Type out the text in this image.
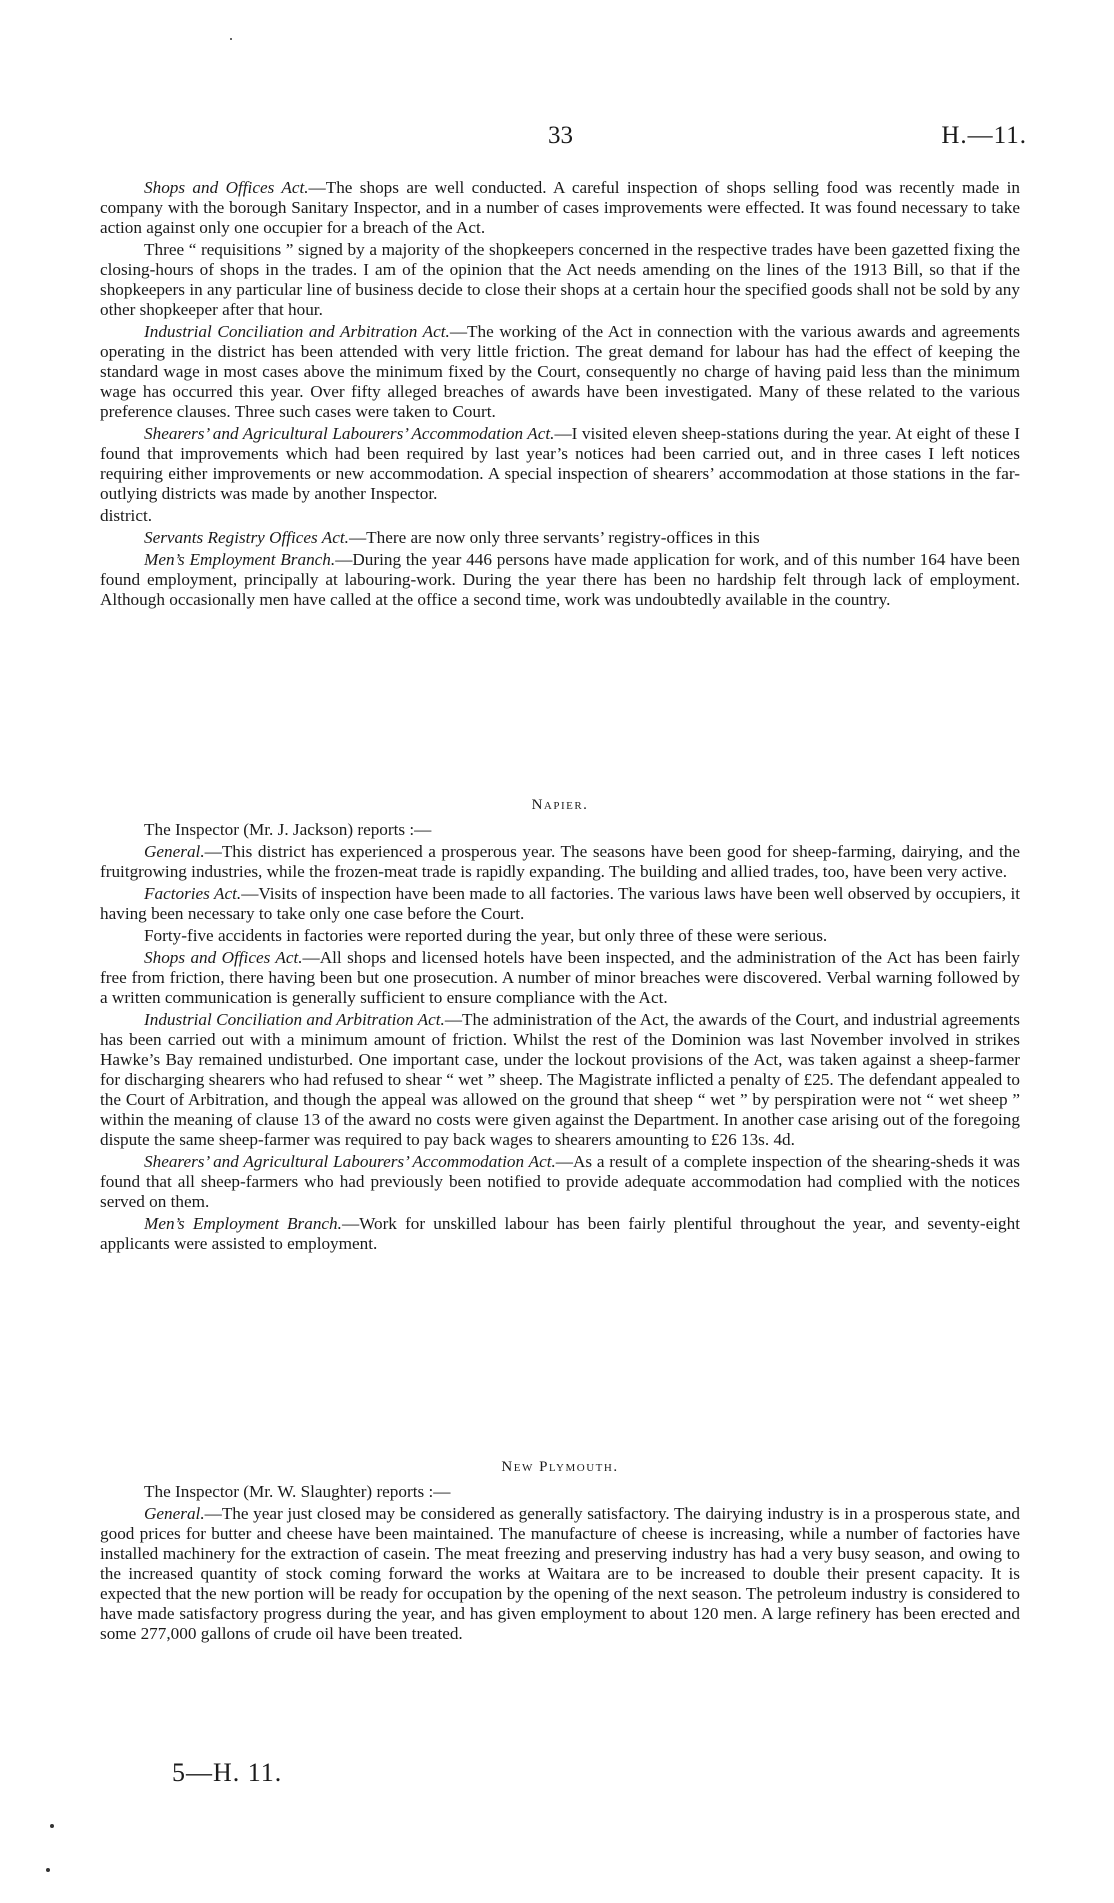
33	H.—11.

Shops and Offices Act.—The shops are well conducted. A careful inspection of shops selling food was recently made in company with the borough Sanitary Inspector, and in a number of cases improvements were effected. It was found necessary to take action against only one occupier for a breach of the Act.

Three “ requisitions ” signed by a majority of the shopkeepers concerned in the respective trades have been gazetted fixing the closing-hours of shops in the trades. I am of the opinion that the Act needs amending on the lines of the 1913 Bill, so that if the shopkeepers in any particular line of business decide to close their shops at a certain hour the specified goods shall not be sold by any other shopkeeper after that hour.

Industrial Conciliation and Arbitration Act.—The working of the Act in connection with the various awards and agreements operating in the district has been attended with very little friction. The great demand for labour has had the effect of keeping the standard wage in most cases above the minimum fixed by the Court, consequently no charge of having paid less than the minimum wage has occurred this year. Over fifty alleged breaches of awards have been investigated. Many of these related to the various preference clauses. Three such cases were taken to Court.

Shearers’ and Agricultural Labourers’ Accommodation Act.—I visited eleven sheep-stations during the year. At eight of these I found that improvements which had been required by last year’s notices had been carried out, and in three cases I left notices requiring either improvements or new accommodation. A special inspection of shearers’ accommodation at those stations in the far-outlying districts was made by another Inspector.

district.

Servants Registry Offices Act.—There are now only three servants’ registry-offices in this

Men’s Employment Branch.—During the year 446 persons have made application for work, and of this number 164 have been found employment, principally at labouring-work. During the year there has been no hardship felt through lack of employment. Although occasionally men have called at the office a second time, work was undoubtedly available in the country.

Napier.

The Inspector (Mr. J. Jackson) reports :—

General.—This district has experienced a prosperous year. The seasons have been good for sheep-farming, dairying, and the fruitgrowing industries, while the frozen-meat trade is rapidly expanding. The building and allied trades, too, have been very active.

Factories Act.—Visits of inspection have been made to all factories. The various laws have been well observed by occupiers, it having been necessary to take only one case before the Court.

Forty-five accidents in factories were reported during the year, but only three of these were serious.

Shops and Offices Act.—All shops and licensed hotels have been inspected, and the administration of the Act has been fairly free from friction, there having been but one prosecution. A number of minor breaches were discovered. Verbal warning followed by a written communication is generally sufficient to ensure compliance with the Act.

Industrial Conciliation and Arbitration Act.—The administration of the Act, the awards of the Court, and industrial agreements has been carried out with a minimum amount of friction. Whilst the rest of the Dominion was last November involved in strikes Hawke’s Bay remained undisturbed. One important case, under the lockout provisions of the Act, was taken against a sheep-farmer for discharging shearers who had refused to shear “ wet ” sheep. The Magistrate inflicted a penalty of £25. The defendant appealed to the Court of Arbitration, and though the appeal was allowed on the ground that sheep “ wet ” by perspiration were not “ wet sheep ” within the meaning of clause 13 of the award no costs were given against the Department. In another case arising out of the foregoing dispute the same sheep-farmer was required to pay back wages to shearers amounting to £26 13s. 4d.

Shearers’ and Agricultural Labourers’ Accommodation Act.—As a result of a complete inspection of the shearing-sheds it was found that all sheep-farmers who had previously been notified to provide adequate accommodation had complied with the notices served on them.

Men’s Employment Branch.—Work for unskilled labour has been fairly plentiful throughout the year, and seventy-eight applicants were assisted to employment.

New Plymouth.

The Inspector (Mr. W. Slaughter) reports :—

General.—The year just closed may be considered as generally satisfactory. The dairying industry is in a prosperous state, and good prices for butter and cheese have been maintained. The manufacture of cheese is increasing, while a number of factories have installed machinery for the extraction of casein. The meat freezing and preserving industry has had a very busy season, and owing to the increased quantity of stock coming forward the works at Waitara are to be increased to double their present capacity. It is expected that the new portion will be ready for occupation by the opening of the next season. The petroleum industry is considered to have made satisfactory progress during the year, and has given employment to about 120 men. A large refinery has been erected and some 277,000 gallons of crude oil have been treated.

5—H. 11.
